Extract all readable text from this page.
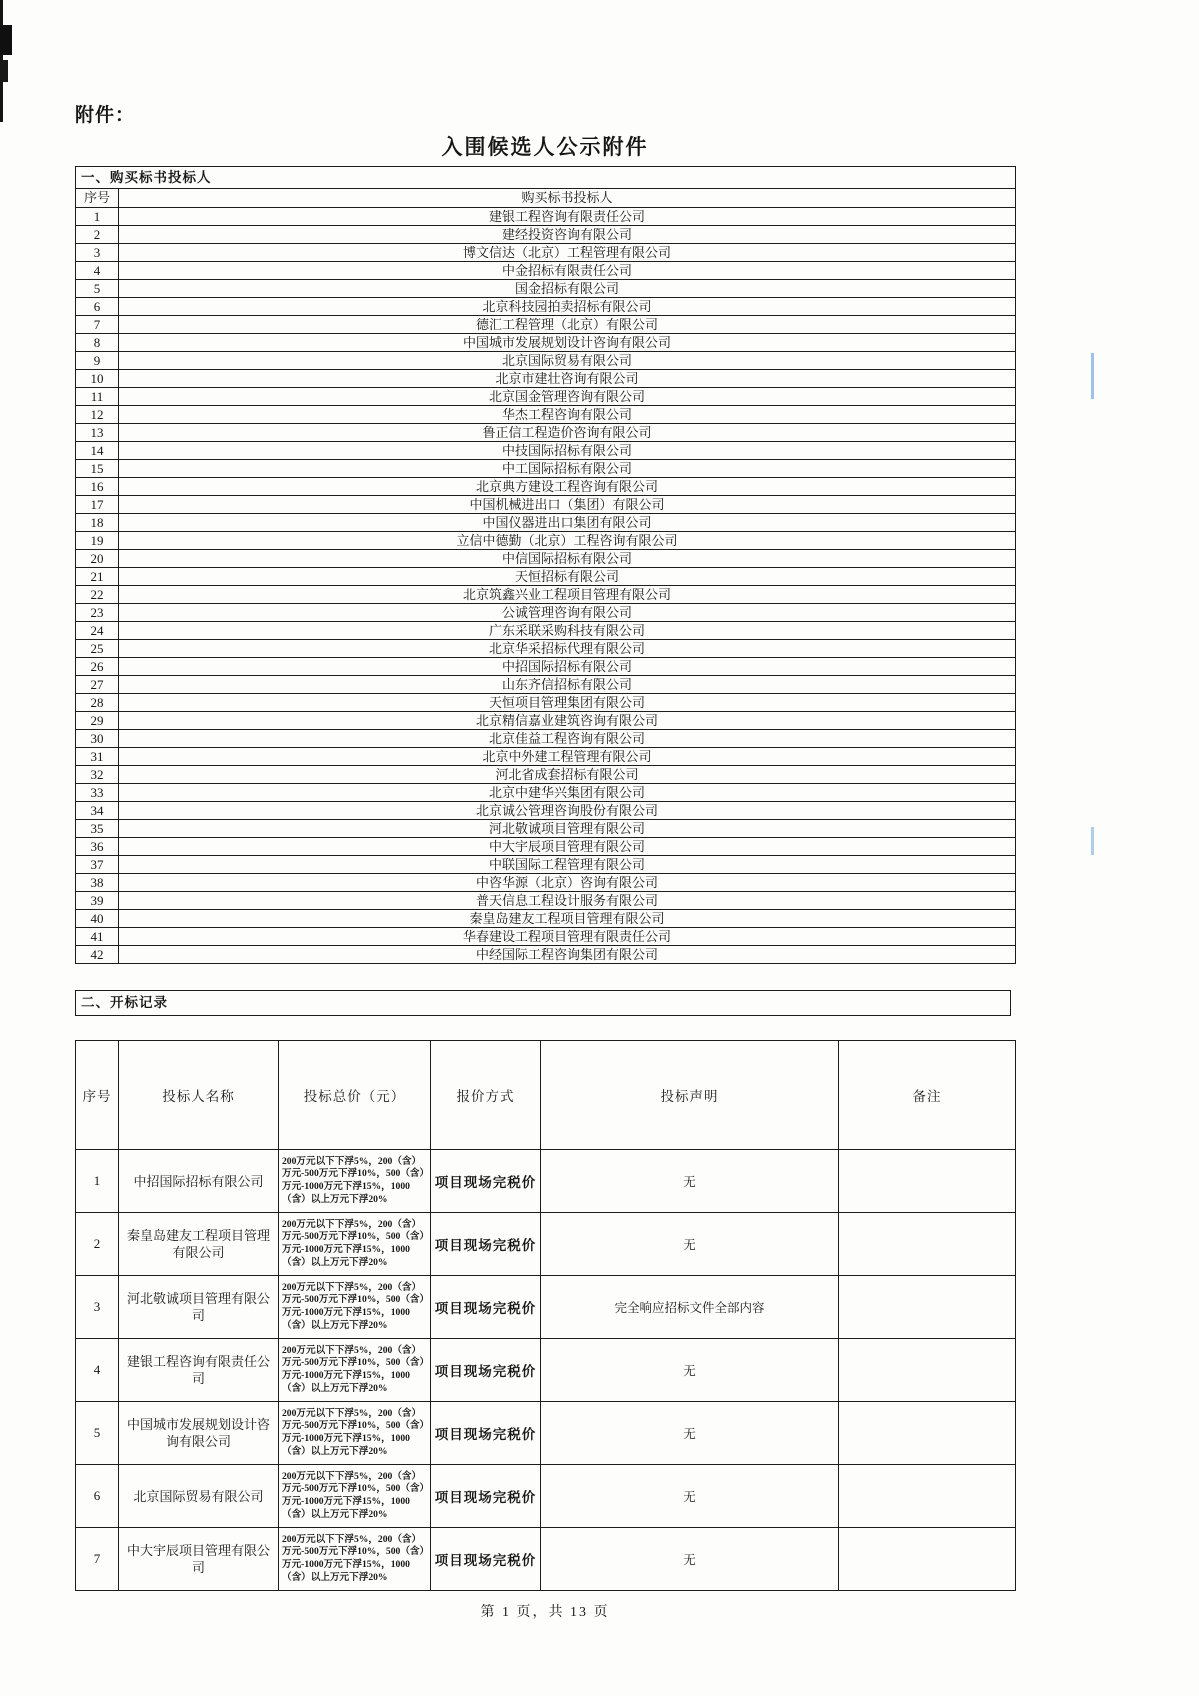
附件：
入围候选人公示附件
一、购买标书投标人	
序号	购买标书投标人
1	建银工程咨询有限责任公司
2	建经投资咨询有限公司
3	博文信达（北京）工程管理有限公司
4	中金招标有限责任公司
5	国金招标有限公司
6	北京科技园拍卖招标有限公司
7	德汇工程管理（北京）有限公司
8	中国城市发展规划设计咨询有限公司
9	北京国际贸易有限公司
10	北京市建壮咨询有限公司
11	北京国金管理咨询有限公司
12	华杰工程咨询有限公司
13	鲁正信工程造价咨询有限公司
14	中技国际招标有限公司
15	中工国际招标有限公司
16	北京典方建设工程咨询有限公司
17	中国机械进出口（集团）有限公司
18	中国仪器进出口集团有限公司
19	立信中德勤（北京）工程咨询有限公司
20	中信国际招标有限公司
21	天恒招标有限公司
22	北京筑鑫兴业工程项目管理有限公司
23	公诚管理咨询有限公司
24	广东采联采购科技有限公司
25	北京华采招标代理有限公司
26	中招国际招标有限公司
27	山东齐信招标有限公司
28	天恒项目管理集团有限公司
29	北京精信嘉业建筑咨询有限公司
30	北京佳益工程咨询有限公司
31	北京中外建工程管理有限公司
32	河北省成套招标有限公司
33	北京中建华兴集团有限公司
34	北京诚公管理咨询股份有限公司
35	河北敬诚项目管理有限公司
36	中大宇辰项目管理有限公司
37	中联国际工程管理有限公司
38	中咨华源（北京）咨询有限公司
39	普天信息工程设计服务有限公司
40	秦皇岛建友工程项目管理有限公司
41	华春建设工程项目管理有限责任公司
42	中经国际工程咨询集团有限公司
二、开标记录
序号	投标人名称	投标总价（元）	报价方式	投标声明	备注
1	中招国际招标有限公司	200万元以下下浮5%，200（含）万元-500万元下浮10%，500（含）万元-1000万元下浮15%，1000（含）以上万元下浮20%	项目现场完税价	无	
2	秦皇岛建友工程项目管理有限公司	200万元以下下浮5%，200（含）万元-500万元下浮10%，500（含）万元-1000万元下浮15%，1000（含）以上万元下浮20%	项目现场完税价	无	
3	河北敬诚项目管理有限公司	200万元以下下浮5%，200（含）万元-500万元下浮10%，500（含）万元-1000万元下浮15%，1000（含）以上万元下浮20%	项目现场完税价	完全响应招标文件全部内容	
4	建银工程咨询有限责任公司	200万元以下下浮5%，200（含）万元-500万元下浮10%，500（含）万元-1000万元下浮15%，1000（含）以上万元下浮20%	项目现场完税价	无	
5	中国城市发展规划设计咨询有限公司	200万元以下下浮5%，200（含）万元-500万元下浮10%，500（含）万元-1000万元下浮15%，1000（含）以上万元下浮20%	项目现场完税价	无	
6	北京国际贸易有限公司	200万元以下下浮5%，200（含）万元-500万元下浮10%，500（含）万元-1000万元下浮15%，1000（含）以上万元下浮20%	项目现场完税价	无	
7	中大宇辰项目管理有限公司	200万元以下下浮5%，200（含）万元-500万元下浮10%，500（含）万元-1000万元下浮15%，1000（含）以上万元下浮20%	项目现场完税价	无	
第 1 页，共 13 页
